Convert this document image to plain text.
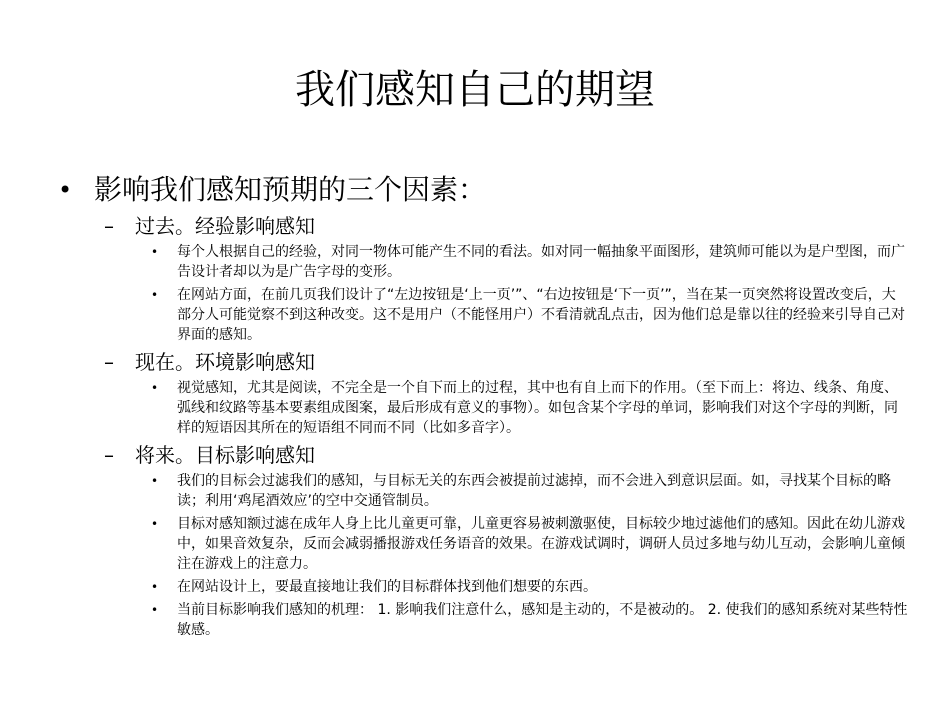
我们感知自己的期望
• 影响我们感知预期的三个因素：
– 过去。经验影响感知
• 每个人根据自己的经验，对同一物体可能产生不同的看法。如对同一幅抽象平面图形，建筑师可能以为是户型图，而广告设计者却以为是广告字母的变形。
• 在网站方面，在前几页我们设计了“左边按钮是‘上一页’”、“右边按钮是‘下一页’”，当在某一页突然将设置改变后，大部分人可能觉察不到这种改变。这不是用户（不能怪用户）不看清就乱点击，因为他们总是靠以往的经验来引导自己对界面的感知。
– 现在。环境影响感知
• 视觉感知，尤其是阅读，不完全是一个自下而上的过程，其中也有自上而下的作用。（至下而上：将边、线条、角度、弧线和纹路等基本要素组成图案，最后形成有意义的事物）。如包含某个字母的单词，影响我们对这个字母的判断，同样的短语因其所在的短语组不同而不同（比如多音字）。
– 将来。目标影响感知
• 我们的目标会过滤我们的感知，与目标无关的东西会被提前过滤掉，而不会进入到意识层面。如，寻找某个目标的略读；利用‘鸡尾酒效应’的空中交通管制员。
• 目标对感知额过滤在成年人身上比儿童更可靠，儿童更容易被刺激驱使，目标较少地过滤他们的感知。因此在幼儿游戏中，如果音效复杂，反而会减弱播报游戏任务语音的效果。在游戏试调时，调研人员过多地与幼儿互动，会影响儿童倾注在游戏上的注意力。
• 在网站设计上，要最直接地让我们的目标群体找到他们想要的东西。
• 当前目标影响我们感知的机理： 1. 影响我们注意什么，感知是主动的，不是被动的。 2. 使我们的感知系统对某些特性敏感。
